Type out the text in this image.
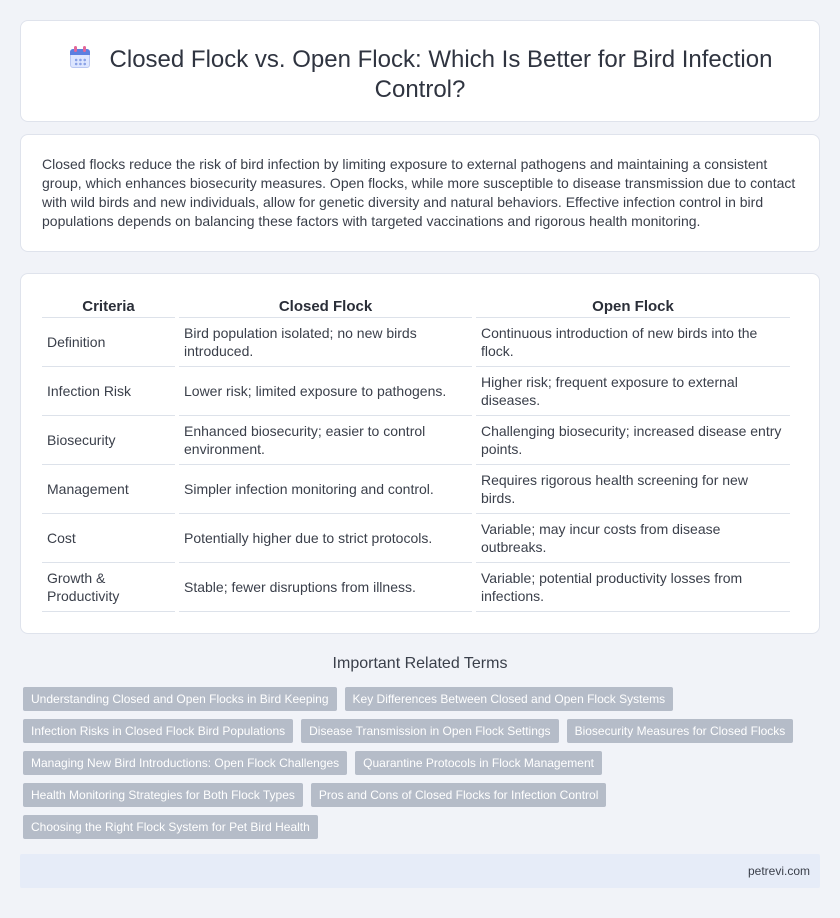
Closed Flock vs. Open Flock: Which Is Better for Bird Infection Control?

Closed flocks reduce the risk of bird infection by limiting exposure to external pathogens and maintaining a consistent group, which enhances biosecurity measures. Open flocks, while more susceptible to disease transmission due to contact with wild birds and new individuals, allow for genetic diversity and natural behaviors. Effective infection control in bird populations depends on balancing these factors with targeted vaccinations and rigorous health monitoring.

Criteria	Closed Flock	Open Flock
Definition	Bird population isolated; no new birds introduced.	Continuous introduction of new birds into the flock.
Infection Risk	Lower risk; limited exposure to pathogens.	Higher risk; frequent exposure to external diseases.
Biosecurity	Enhanced biosecurity; easier to control environment.	Challenging biosecurity; increased disease entry points.
Management	Simpler infection monitoring and control.	Requires rigorous health screening for new birds.
Cost	Potentially higher due to strict protocols.	Variable; may incur costs from disease outbreaks.
Growth & Productivity	Stable; fewer disruptions from illness.	Variable; potential productivity losses from infections.
Important Related Terms
Understanding Closed and Open Flocks in Bird Keeping	Key Differences Between Closed and Open Flock Systems
Infection Risks in Closed Flock Bird Populations	Disease Transmission in Open Flock Settings	Biosecurity Measures for Closed Flocks
Managing New Bird Introductions: Open Flock Challenges	Quarantine Protocols in Flock Management
Health Monitoring Strategies for Both Flock Types	Pros and Cons of Closed Flocks for Infection Control
Choosing the Right Flock System for Pet Bird Health
petrevi.com
